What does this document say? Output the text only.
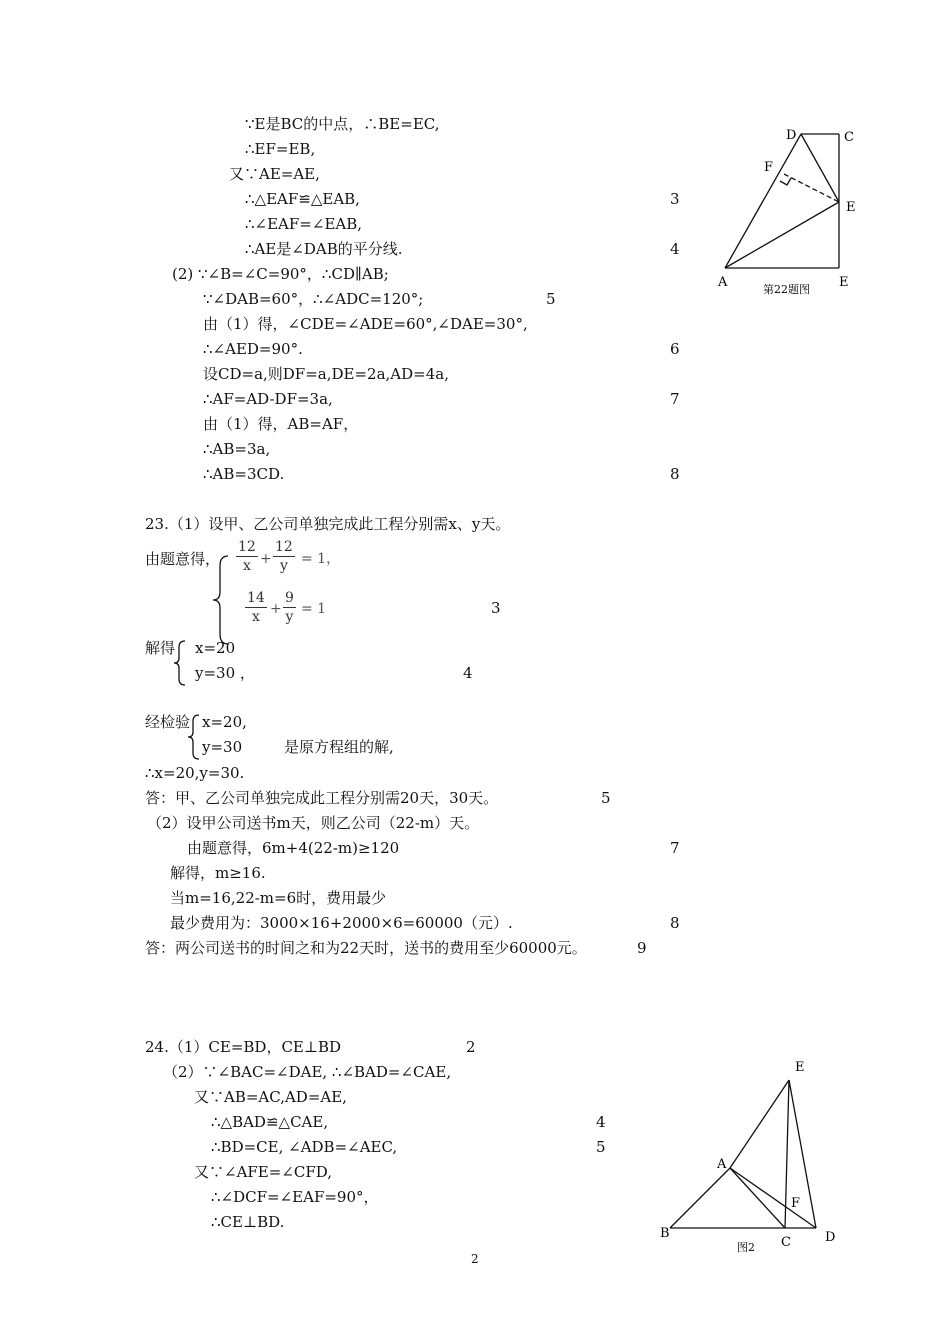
∵E是BC的中点，∴BE=EC,
∴EF=EB,
又∵AE=AE,
∴△EAF≌△EAB,
∴∠EAF=∠EAB,
∴AE是∠DAB的平分线.
(2) ∵∠B=∠C=90°，∴CD∥AB;
∵∠DAB=60°，∴∠ADC=120°;
由（1）得，∠CDE=∠ADE=60°,∠DAE=30°,
∴∠AED=90°.
设CD=a,则DF=a,DE=2a,AD=4a,
∴AF=AD-DF=3a,
由（1）得，AB=AF，
∴AB=3a,
∴AB=3CD.
3
4
5
6
7
8
D	C
F
E
A	E
第22题图
23.（1）设甲、乙公司单独完成此工程分别需x、y天。
由题意得， $\frac{12}{x} + \frac{12}{y} = 1$，
$\frac{14}{x} + \frac{9}{y} = 1$	3
解得 x=20
y=30 ，	4
经检验 x=20,
y=30	是原方程组的解,
∴x=20,y=30.
答：甲、乙公司单独完成此工程分别需20天，30天。	5
（2）设甲公司送书m天，则乙公司（22-m）天。
由题意得，6m+4(22-m)≥120	7
解得，m≥16.
当m=16,22-m=6时，费用最少
最少费用为：3000×16+2000×6=60000（元）.	8
答：两公司送书的时间之和为22天时，送书的费用至少60000元。	9
24.（1）CE=BD，CE⊥BD	2
（2）∵∠BAC=∠DAE, ∴∠BAD=∠CAE,
又∵AB=AC,AD=AE,
∴△BAD≌△CAE,	4
∴BD=CE, ∠ADB=∠AEC,	5
又∵∠AFE=∠CFD,
∴∠DCF=∠EAF=90°，
∴CE⊥BD.
E
A
F
B
C	D
图2
2
